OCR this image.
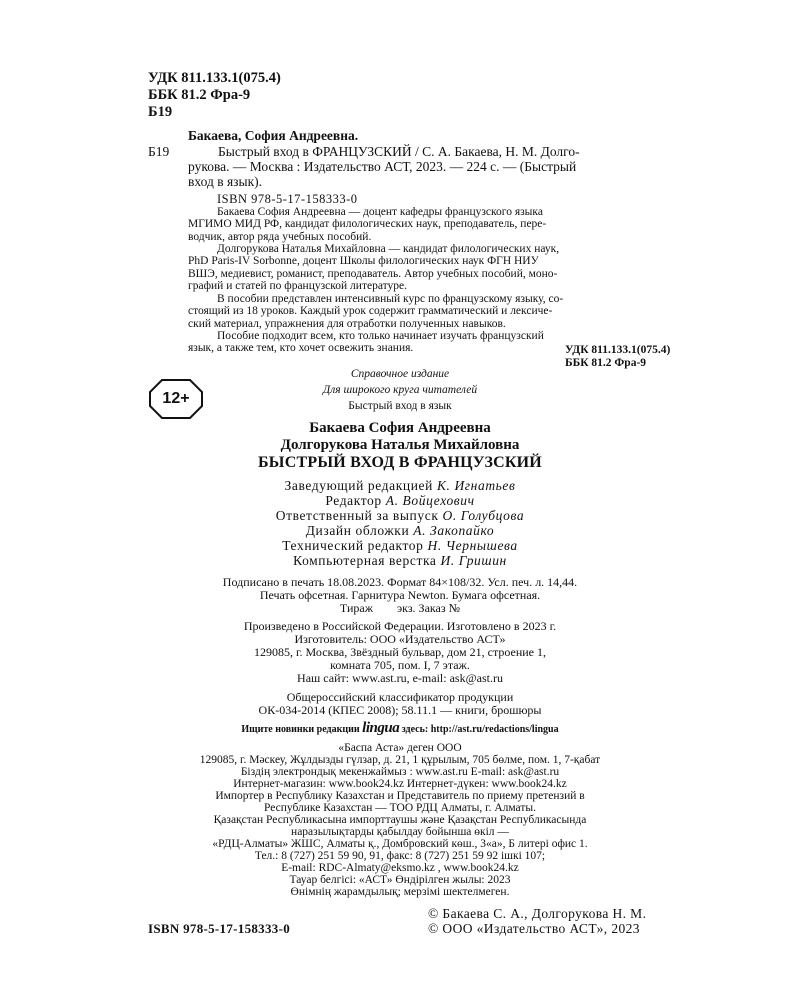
УДК 811.133.1(075.4)
ББК 81.2 Фра-9
Б19
Бакаева, София Андреевна.
Б19	Быстрый вход в ФРАНЦУЗСКИЙ / С. А. Бакаева, Н. М. Долго-
рукова. — Москва : Издательство АСТ, 2023. — 224 с. — (Быстрый
вход в язык).
ISBN 978-5-17-158333-0
Бакаева София Андреевна — доцент кафедры французского языка
МГИМО МИД РФ, кандидат филологических наук, преподаватель, пере-
водчик, автор ряда учебных пособий.
Долгорукова Наталья Михайловна — кандидат филологических наук,
PhD Paris-IV Sorbonne, доцент Школы филологических наук ФГН НИУ
ВШЭ, медиевист, романист, преподаватель. Автор учебных пособий, моно-
графий и статей по французской литературе.
В пособии представлен интенсивный курс по французскому языку, со-
стоящий из 18 уроков. Каждый урок содержит грамматический и лексиче-
ский материал, упражнения для отработки полученных навыков.
Пособие подходит всем, кто только начинает изучать французский
язык, а также тем, кто хочет освежить знания.	УДК 811.133.1(075.4)
ББК 81.2 Фра-9
12+
Справочное издание
Для широкого круга читателей
Быстрый вход в язык
Бакаева София Андреевна
Долгорукова Наталья Михайловна
БЫСТРЫЙ ВХОД В ФРАНЦУЗСКИЙ
Заведующий редакцией К. Игнатьев
Редактор А. Войцехович
Ответственный за выпуск О. Голубцова
Дизайн обложки А. Закопайко
Технический редактор Н. Чернышева
Компьютерная верстка И. Гришин
Подписано в печать 18.08.2023. Формат 84×108/32. Усл. печ. л. 14,44.
Печать офсетная. Гарнитура Newton. Бумага офсетная.
Тираж        экз. Заказ №
Произведено в Российской Федерации. Изготовлено в 2023 г.
Изготовитель: ООО «Издательство АСТ»
129085, г. Москва, Звёздный бульвар, дом 21, строение 1,
комната 705, пом. I, 7 этаж.
Наш сайт: www.ast.ru, e-mail: ask@ast.ru
Общероссийский классификатор продукции
ОК-034-2014 (КПЕС 2008); 58.11.1 — книги, брошюры
Ищите новинки редакции lingua здесь: http://ast.ru/redactions/lingua
«Баспа Аста» деген ООО
129085, г. Мәскеу, Жұлдызды гүлзар, д. 21, 1 құрылым, 705 бөлме, пом. 1, 7-қабат
Біздің электрондық мекенжаймыз : www.ast.ru E-mail: ask@ast.ru
Интернет-магазин: www.book24.kz Интернет-дүкен: www.book24.kz
Импортер в Республику Казахстан и Представитель по приему претензий в
Республике Казахстан — ТОО РДЦ Алматы, г. Алматы.
Қазақстан Республикасына импорттаушы және Қазақстан Республикасында
наразылықтарды қабылдау бойынша өкіл —
«РДЦ-Алматы» ЖШС, Алматы қ., Домбровский көш., 3«а», Б литері офис 1.
Тел.: 8 (727) 251 59 90, 91, факс: 8 (727) 251 59 92 ішкі 107;
E-mail: RDC-Almaty@eksmo.kz , www.book24.kz
Тауар белгісі: «АСТ» Өндірілген жылы: 2023
Өнімнің жарамдылық; мерзімі шектелмеген.
ISBN 978-5-17-158333-0
© Бакаева С. А., Долгорукова Н. М.
© ООО «Издательство АСТ», 2023
